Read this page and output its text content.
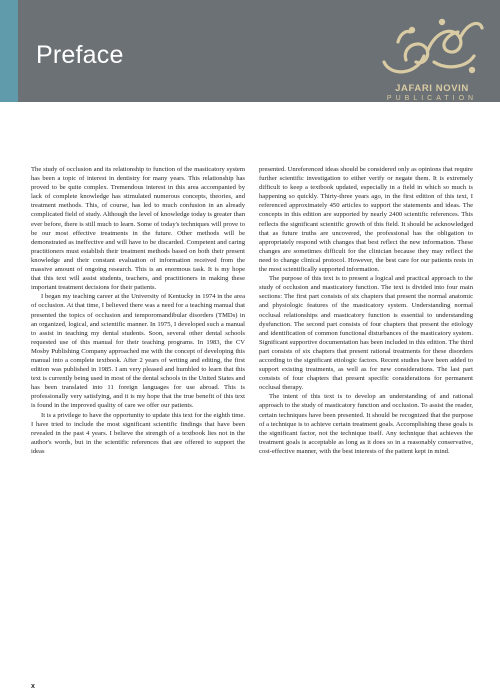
Preface
JAFARI NOVIN
PUBLICATION

The study of occlusion and its relationship to function of the masticatory system has been a topic of interest in dentistry for many years. This relationship has proved to be quite complex. Tremendous interest in this area accompanied by lack of complete knowledge has stimulated numerous concepts, theories, and treatment methods. This, of course, has led to much confusion in an already complicated field of study. Although the level of knowledge today is greater than ever before, there is still much to learn. Some of today's techniques will prove to be our most effective treatments in the future. Other methods will be demonstrated as ineffective and will have to be discarded. Competent and caring practitioners must establish their treatment methods based on both their present knowledge and their constant evaluation of information received from the massive amount of ongoing research. This is an enormous task. It is my hope that this text will assist students, teachers, and practitioners in making these important treatment decisions for their patients.

I began my teaching career at the University of Kentucky in 1974 in the area of occlusion. At that time, I believed there was a need for a teaching manual that presented the topics of occlusion and temporomandibular disorders (TMDs) in an organized, logical, and scientific manner. In 1975, I developed such a manual to assist in teaching my dental students. Soon, several other dental schools requested use of this manual for their teaching programs. In 1983, the CV Mosby Publishing Company approached me with the concept of developing this manual into a complete textbook. After 2 years of writing and editing, the first edition was published in 1985. I am very pleased and humbled to learn that this text is currently being used in most of the dental schools in the United States and has been translated into 11 foreign languages for use abroad. This is professionally very satisfying, and it is my hope that the true benefit of this text is found in the improved quality of care we offer our patients.

It is a privilege to have the opportunity to update this text for the eighth time. I have tried to include the most significant scientific findings that have been revealed in the past 4 years. I believe the strength of a textbook lies not in the author's words, but in the scientific references that are offered to support the ideas

presented. Unreferenced ideas should be considered only as opinions that require further scientific investigation to either verify or negate them. It is extremely difficult to keep a textbook updated, especially in a field in which so much is happening so quickly. Thirty-three years ago, in the first edition of this text, I referenced approximately 450 articles to support the statements and ideas. The concepts in this edition are supported by nearly 2400 scientific references. This reflects the significant scientific growth of this field. It should be acknowledged that as future truths are uncovered, the professional has the obligation to appropriately respond with changes that best reflect the new information. These changes are sometimes difficult for the clinician because they may reflect the need to change clinical protocol. However, the best care for our patients rests in the most scientifically supported information.

The purpose of this text is to present a logical and practical approach to the study of occlusion and masticatory function. The text is divided into four main sections: The first part consists of six chapters that present the normal anatomic and physiologic features of the masticatory system. Understanding normal occlusal relationships and masticatory function is essential to understanding dysfunction. The second part consists of four chapters that present the etiology and identification of common functional disturbances of the masticatory system. Significant supportive documentation has been included in this edition. The third part consists of six chapters that present rational treatments for these disorders according to the significant etiologic factors. Recent studies have been added to support existing treatments, as well as for new considerations. The last part consists of four chapters that present specific considerations for permanent occlusal therapy.

The intent of this text is to develop an understanding of and rational approach to the study of masticatory function and occlusion. To assist the reader, certain techniques have been presented. It should be recognized that the purpose of a technique is to achieve certain treatment goals. Accomplishing these goals is the significant factor, not the technique itself. Any technique that achieves the treatment goals is acceptable as long as it does so in a reasonably conservative, cost-effective manner, with the best interests of the patient kept in mind.

x
